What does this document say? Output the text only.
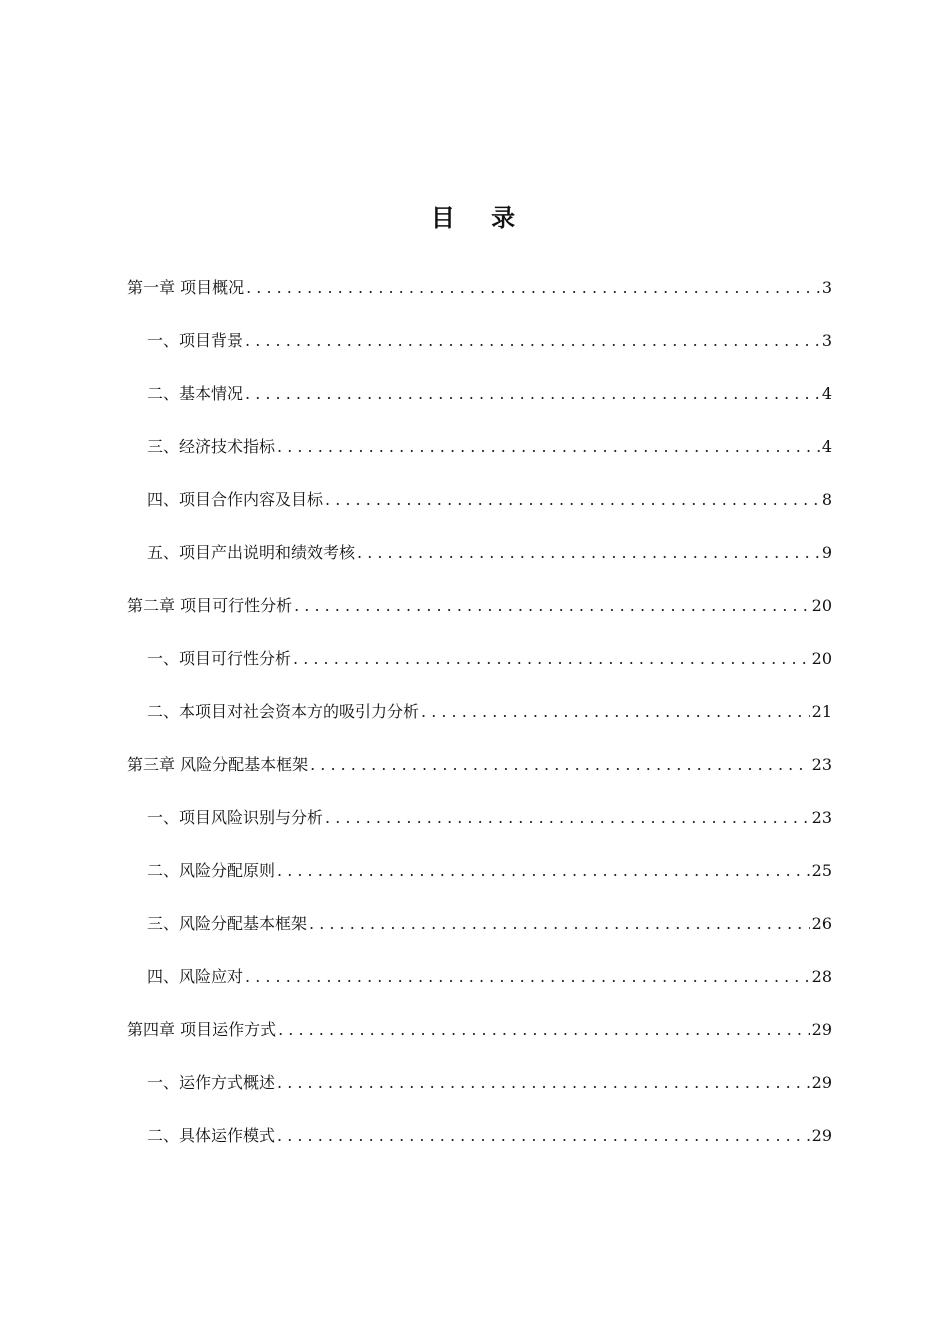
目 录
第一章 项目概况 . . .	3
一、项目背景 . . .	3
二、基本情况 . . .	4
三、经济技术指标 . . .	4
四、项目合作内容及目标 . . .	8
五、项目产出说明和绩效考核 . . .	9
第二章 项目可行性分析 . . .	20
一、项目可行性分析 . . .	20
二、本项目对社会资本方的吸引力分析 . . .	21
第三章 风险分配基本框架 . . .	23
一、项目风险识别与分析 . . .	23
二、风险分配原则 . . .	25
三、风险分配基本框架 . . .	26
四、风险应对 . . .	28
第四章 项目运作方式 . . .	29
一、运作方式概述 . . .	29
二、具体运作模式 . . .	29
